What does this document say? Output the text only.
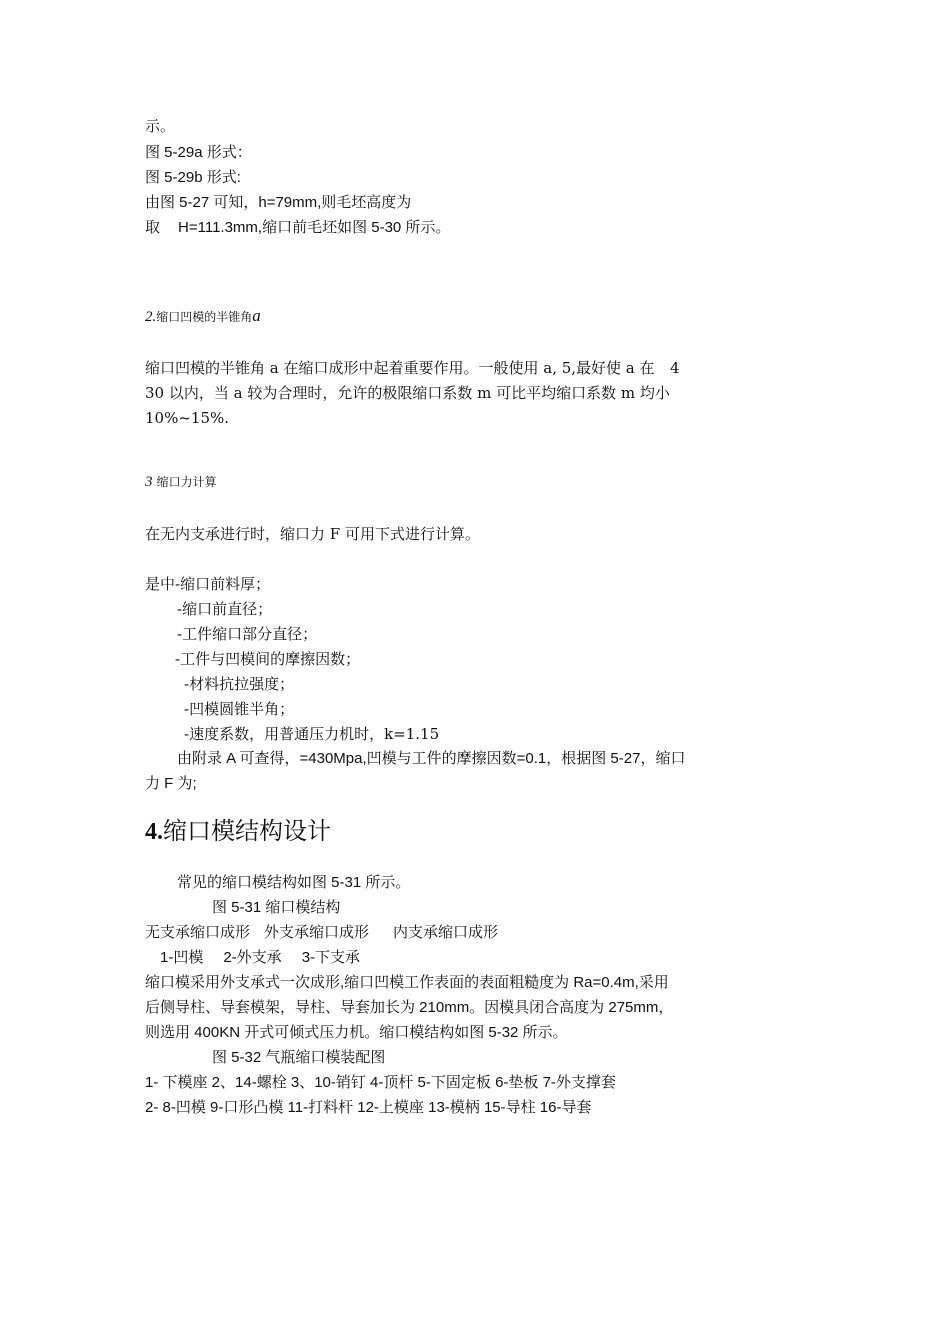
示。
图 5-29a 形式：
图 5-29b 形式:
由图 5-27 可知，h=79mm,则毛坯高度为
取 H=111.3mm,缩口前毛坯如图 5-30 所示。
2.缩口凹模的半锥角a
缩口凹模的半锥角 a 在缩口成形中起着重要作用。一般使用 a, 5,最好使 a 在 4
30 以内，当 a 较为合理时，允许的极限缩口系数 m 可比平均缩口系数 m 均小
10%~15%.
3 缩口力计算
在无内支承进行时，缩口力 F 可用下式进行计算。
是中-缩口前料厚；
-缩口前直径；
-工件缩口部分直径；
-工件与凹模间的摩擦因数；
-材料抗拉强度；
-凹模圆锥半角；
-速度系数，用普通压力机时，k=1.15
由附录 A 可查得，=430Mpa,凹模与工件的摩擦因数=0.1，根据图 5-27，缩口
力 F 为;
4.缩口模结构设计
常见的缩口模结构如图 5-31 所示。
图 5-31 缩口模结构
无支承缩口成形 外支承缩口成形 内支承缩口成形
1-凹模 2-外支承 3-下支承
缩口模采用外支承式一次成形,缩口凹模工作表面的表面粗糙度为 Ra=0.4m,采用
后侧导柱、导套模架，导柱、导套加长为 210mm。因模具闭合高度为 275mm，
则选用 400KN 开式可倾式压力机。缩口模结构如图 5-32 所示。
图 5-32 气瓶缩口模装配图
1- 下模座 2、14-螺栓 3、10-销钉 4-顶杆 5-下固定板 6-垫板 7-外支撑套
2- 8-凹模 9-口形凸模 11-打料杆 12-上模座 13-模柄 15-导柱 16-导套
